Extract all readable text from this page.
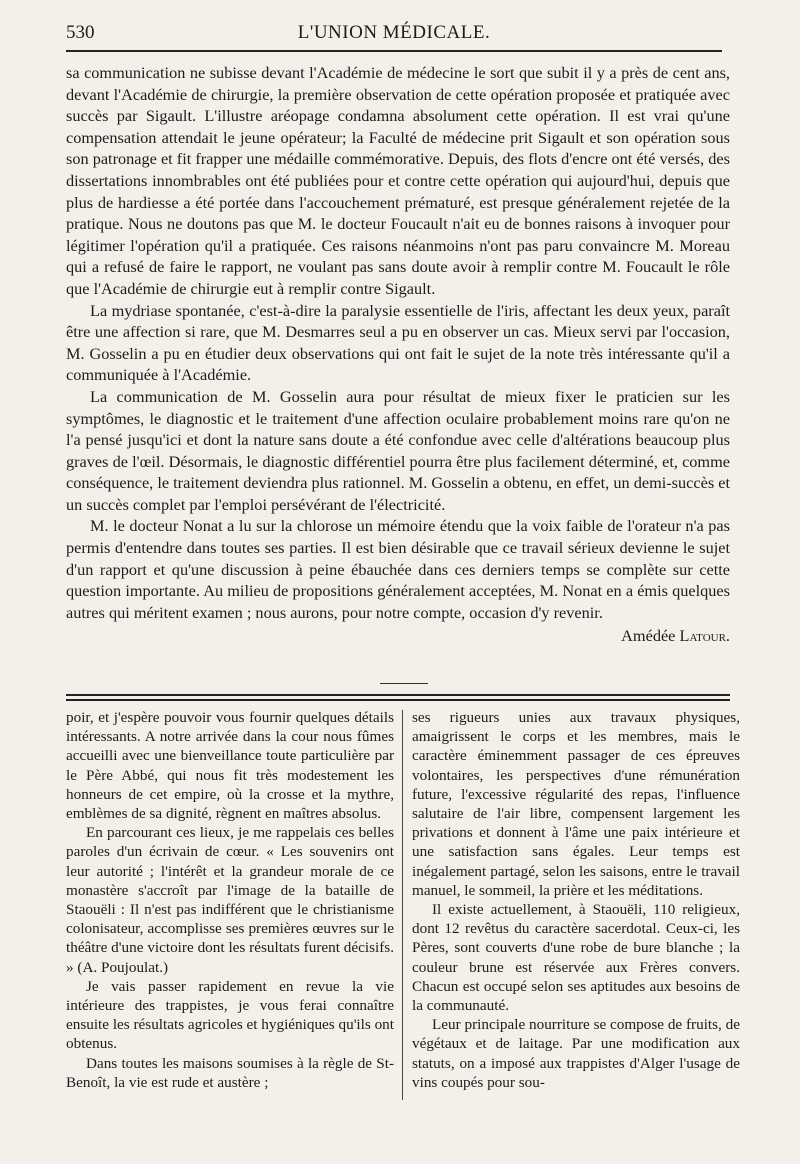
530	L'UNION MÉDICALE.

sa communication ne subisse devant l'Académie de médecine le sort que subit il y a près de cent ans, devant l'Académie de chirurgie, la première observation de cette opération proposée et pratiquée avec succès par Sigault. L'illustre aréopage condamna absolument cette opération. Il est vrai qu'une compensation attendait le jeune opérateur; la Faculté de médecine prit Sigault et son opération sous son patronage et fit frapper une médaille commémorative. Depuis, des flots d'encre ont été versés, des dissertations innombrables ont été publiées pour et contre cette opération qui aujourd'hui, depuis que plus de hardiesse a été portée dans l'accouchement prématuré, est presque généralement rejetée de la pratique. Nous ne doutons pas que M. le docteur Foucault n'ait eu de bonnes raisons à invoquer pour légitimer l'opération qu'il a pratiquée. Ces raisons néanmoins n'ont pas paru convaincre M. Moreau qui a refusé de faire le rapport, ne voulant pas sans doute avoir à remplir contre M. Foucault le rôle que l'Académie de chirurgie eut à remplir contre Sigault.

La mydriase spontanée, c'est-à-dire la paralysie essentielle de l'iris, affectant les deux yeux, paraît être une affection si rare, que M. Desmarres seul a pu en observer un cas. Mieux servi par l'occasion, M. Gosselin a pu en étudier deux observations qui ont fait le sujet de la note très intéressante qu'il a communiquée à l'Académie.

La communication de M. Gosselin aura pour résultat de mieux fixer le praticien sur les symptômes, le diagnostic et le traitement d'une affection oculaire probablement moins rare qu'on ne l'a pensé jusqu'ici et dont la nature sans doute a été confondue avec celle d'altérations beaucoup plus graves de l'œil. Désormais, le diagnostic différentiel pourra être plus facilement déterminé, et, comme conséquence, le traitement deviendra plus rationnel. M. Gosselin a obtenu, en effet, un demi-succès et un succès complet par l'emploi persévérant de l'électricité.

M. le docteur Nonat a lu sur la chlorose un mémoire étendu que la voix faible de l'orateur n'a pas permis d'entendre dans toutes ses parties. Il est bien désirable que ce travail sérieux devienne le sujet d'un rapport et qu'une discussion à peine ébauchée dans ces derniers temps se complète sur cette question importante. Au milieu de propositions généralement acceptées, M. Nonat en a émis quelques autres qui méritent examen ; nous aurons, pour notre compte, occasion d'y revenir.

Amédée Latour.

poir, et j'espère pouvoir vous fournir quelques détails intéressants. A notre arrivée dans la cour nous fûmes accueilli avec une bienveillance toute particulière par le Père Abbé, qui nous fit très modestement les honneurs de cet empire, où la crosse et la mythre, emblèmes de sa dignité, règnent en maîtres absolus.

En parcourant ces lieux, je me rappelais ces belles paroles d'un écrivain de cœur. « Les souvenirs ont leur autorité ; l'intérêt et la grandeur morale de ce monastère s'accroît par l'image de la bataille de Staouëli : Il n'est pas indifférent que le christianisme colonisateur, accomplisse ses premières œuvres sur le théâtre d'une victoire dont les résultats furent décisifs. » (A. Poujoulat.)

Je vais passer rapidement en revue la vie intérieure des trappistes, je vous ferai connaître ensuite les résultats agricoles et hygiéniques qu'ils ont obtenus.

Dans toutes les maisons soumises à la règle de St-Benoît, la vie est rude et austère ;

ses rigueurs unies aux travaux physiques, amaigrissent le corps et les membres, mais le caractère éminemment passager de ces épreuves volontaires, les perspectives d'une rémunération future, l'excessive régularité des repas, l'influence salutaire de l'air libre, compensent largement les privations et donnent à l'âme une paix intérieure et une satisfaction sans égales. Leur temps est inégalement partagé, selon les saisons, entre le travail manuel, le sommeil, la prière et les méditations.

Il existe actuellement, à Staouëli, 110 religieux, dont 12 revêtus du caractère sacerdotal. Ceux-ci, les Pères, sont couverts d'une robe de bure blanche ; la couleur brune est réservée aux Frères convers. Chacun est occupé selon ses aptitudes aux besoins de la communauté.

Leur principale nourriture se compose de fruits, de végétaux et de laitage. Par une modification aux statuts, on a imposé aux trappistes d'Alger l'usage de vins coupés pour sou-
